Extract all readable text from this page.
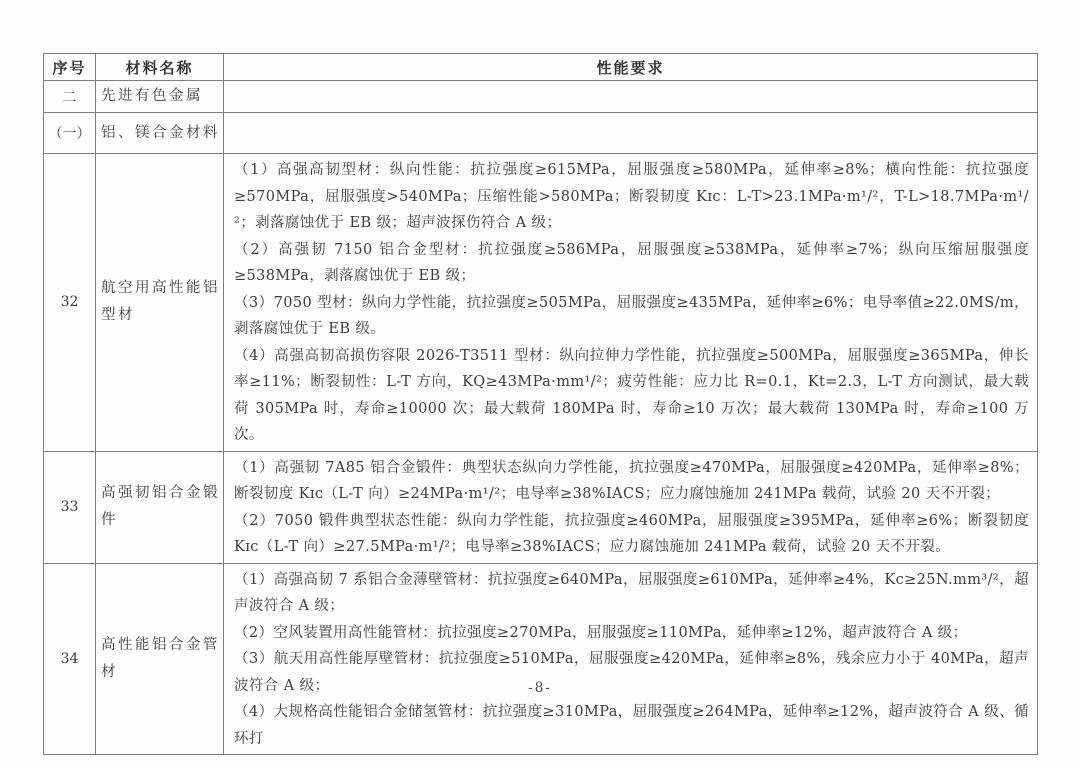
序号	材料名称	性能要求
二	先进有色金属	
（一）	铝、镁合金材料	
32	航空用高性能铝型材	（1）高强高韧型材：纵向性能：抗拉强度≥615MPa，屈服强度≥580MPa，延伸率≥8%；横向性能：抗拉强度≥570MPa，屈服强度>540MPa；压缩性能>580MPa；断裂韧度 Kɪᴄ：L-T>23.1MPa·m¹/²，T-L>18.7MPa·m¹/²；剥落腐蚀优于 EB 级；超声波探伤符合 A 级；
（2）高强韧 7150 铝合金型材：抗拉强度≥586MPa，屈服强度≥538MPa，延伸率≥7%；纵向压缩屈服强度≥538MPa，剥落腐蚀优于 EB 级；
（3）7050 型材：纵向力学性能，抗拉强度≥505MPa，屈服强度≥435MPa，延伸率≥6%；电导率值≥22.0MS/m，剥落腐蚀优于 EB 级。
（4）高强高韧高损伤容限 2026-T3511 型材：纵向拉伸力学性能，抗拉强度≥500MPa，屈服强度≥365MPa，伸长率≥11%；断裂韧性：L-T 方向，KQ≥43MPa·mm¹/²；疲劳性能：应力比 R=0.1，Kt=2.3，L-T 方向测试，最大载荷 305MPa 时，寿命≥10000 次；最大载荷 180MPa 时，寿命≥10 万次；最大载荷 130MPa 时，寿命≥100 万次。

33	高强韧铝合金锻件	（1）高强韧 7A85 铝合金锻件：典型状态纵向力学性能，抗拉强度≥470MPa，屈服强度≥420MPa，延伸率≥8%；断裂韧度 Kɪᴄ（L-T 向）≥24MPa·m¹/²；电导率≥38%IACS；应力腐蚀施加 241MPa 载荷，试验 20 天不开裂；
（2）7050 锻件典型状态性能：纵向力学性能，抗拉强度≥460MPa，屈服强度≥395MPa，延伸率≥6%；断裂韧度 Kɪᴄ（L-T 向）≥27.5MPa·m¹/²；电导率≥38%IACS；应力腐蚀施加 241MPa 载荷，试验 20 天不开裂。

34	高性能铝合金管材	（1）高强高韧 7 系铝合金薄壁管材：抗拉强度≥640MPa，屈服强度≥610MPa，延伸率≥4%，Kc≥25N.mm³/²，超声波符合 A 级；
（2）空风装置用高性能管材：抗拉强度≥270MPa，屈服强度≥110MPa，延伸率≥12%，超声波符合 A 级；
（3）航天用高性能厚壁管材：抗拉强度≥510MPa，屈服强度≥420MPa，延伸率≥8%，残余应力小于 40MPa，超声波符合 A 级；
（4）大规格高性能铝合金储氢管材：抗拉强度≥310MPa，屈服强度≥264MPa，延伸率≥12%，超声波符合 A 级、循环打
-8-
